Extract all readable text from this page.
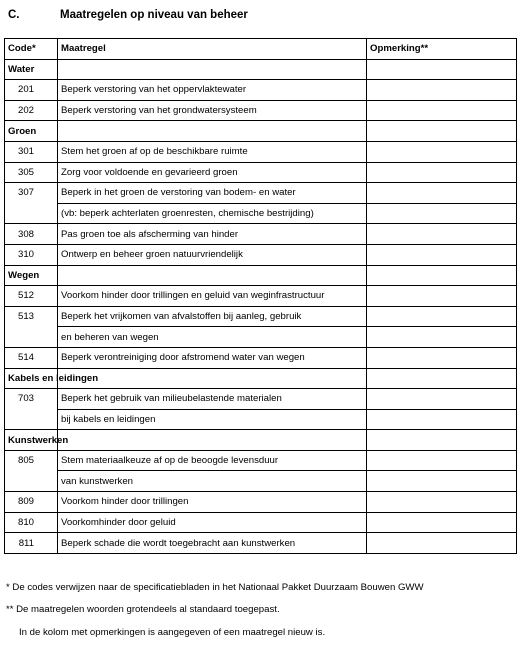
C.	Maatregelen op niveau van beheer
Code*	Maatregel	Opmerking**
Water		
201	Beperk verstoring van het oppervlaktewater	
202	Beperk verstoring van het grondwatersysteem	
Groen		
301	Stem het groen af op de beschikbare ruimte	
305	Zorg voor voldoende en gevarieerd groen	
307	Beperk in het groen de verstoring van bodem- en water	
	(vb: beperk achterlaten groenresten, chemische bestrijding)	
308	Pas groen toe als afscherming van hinder	
310	Ontwerp en beheer groen natuurvriendelijk	
Wegen		
512	Voorkom hinder door trillingen en geluid van weginfrastructuur	
513	Beperk het vrijkomen van afvalstoffen bij aanleg, gebruik	
	en beheren van wegen	
514	Beperk verontreiniging door afstromend water van wegen	
Kabels en leidingen		
703	Beperk het gebruik van milieubelastende materialen	
	bij kabels en leidingen	
Kunstwerken		
805	Stem materiaalkeuze af op de beoogde levensduur	
	van kunstwerken	
809	Voorkom hinder door trillingen	
810	Voorkomhinder door geluid	
811	Beperk schade die wordt toegebracht aan kunstwerken	
* De codes verwijzen naar de specificatiebladen in het Nationaal Pakket Duurzaam Bouwen GWW
** De maatregelen woorden grotendeels al standaard toegepast.
In de kolom met opmerkingen is aangegeven of een maatregel nieuw is.
